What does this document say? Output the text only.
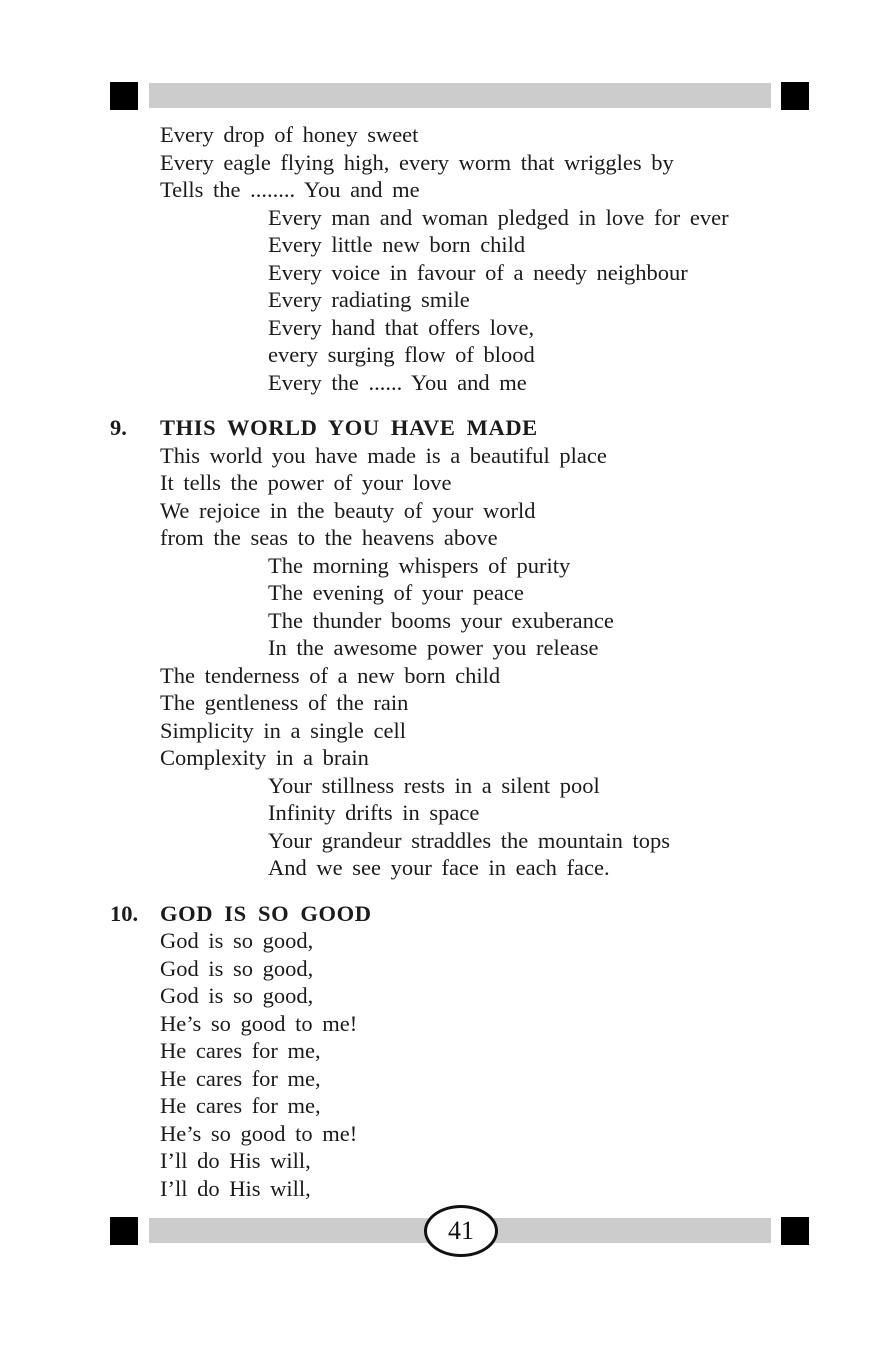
Every drop of honey sweet
Every eagle flying high, every worm that wriggles by
Tells the ........ You and me
Every man and woman pledged in love for ever
Every little new born child
Every voice in favour of a needy neighbour
Every radiating smile
Every hand that offers love,
every surging flow of blood
Every the ...... You and me
9. THIS WORLD YOU HAVE MADE
This world you have made is a beautiful place
It tells the power of your love
We rejoice in the beauty of your world
from the seas to the heavens above
The morning whispers of purity
The evening of your peace
The thunder booms your exuberance
In the awesome power you release
The tenderness of a new born child
The gentleness of the rain
Simplicity in a single cell
Complexity in a brain
Your stillness rests in a silent pool
Infinity drifts in space
Your grandeur straddles the mountain tops
And we see your face in each face.
10. GOD IS SO GOOD
God is so good,
God is so good,
God is so good,
He’s so good to me!
He cares for me,
He cares for me,
He cares for me,
He’s so good to me!
I’ll do His will,
I’ll do His will,
41
